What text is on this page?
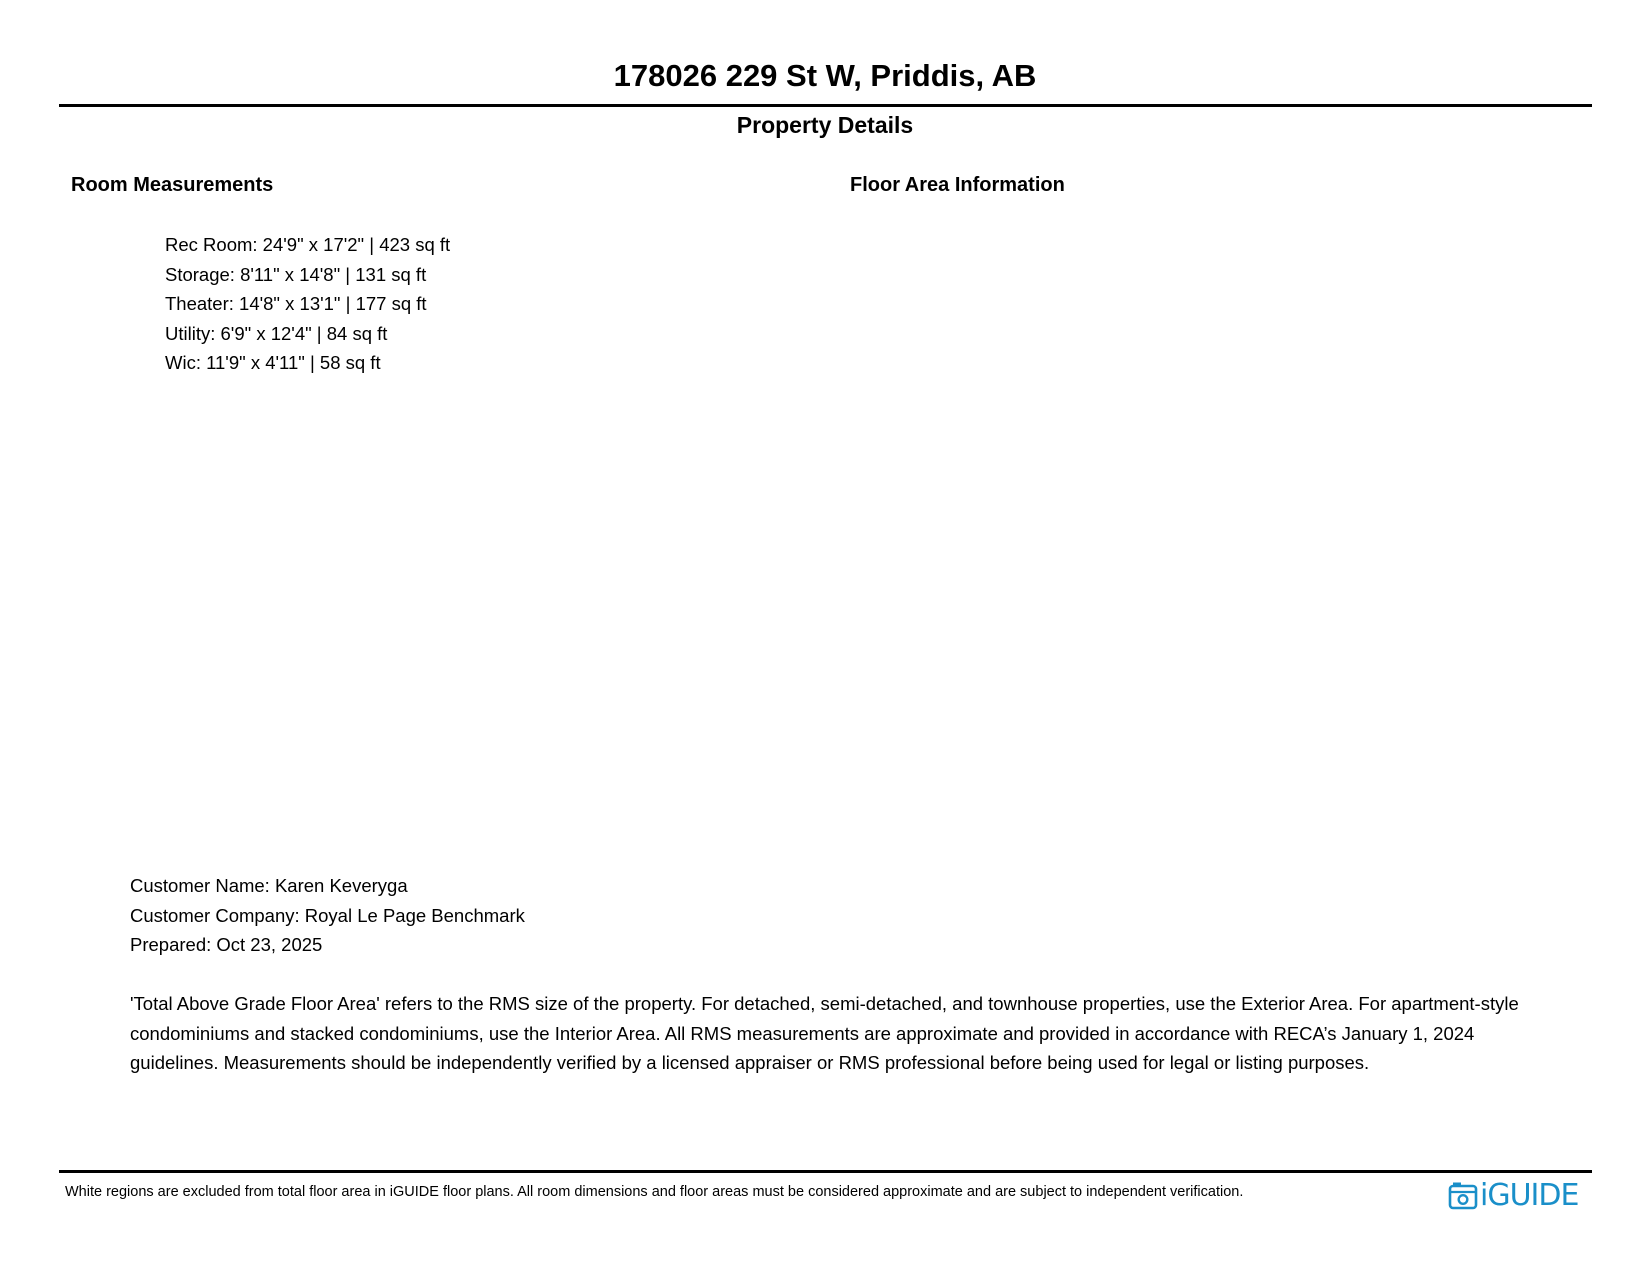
178026 229 St W, Priddis, AB
Property Details
Room Measurements	Floor Area Information
Rec Room: 24'9" x 17'2" | 423 sq ft
Storage: 8'11" x 14'8" | 131 sq ft
Theater: 14'8" x 13'1" | 177 sq ft
Utility: 6'9" x 12'4" | 84 sq ft
Wic: 11'9" x 4'11" | 58 sq ft
Customer Name: Karen Keveryga
Customer Company: Royal Le Page Benchmark
Prepared: Oct 23, 2025

'Total Above Grade Floor Area' refers to the RMS size of the property. For detached, semi-detached, and townhouse properties, use the Exterior Area. For apartment-style condominiums and stacked condominiums, use the Interior Area. All RMS measurements are approximate and provided in accordance with RECA’s January 1, 2024 guidelines. Measurements should be independently verified by a licensed appraiser or RMS professional before being used for legal or listing purposes.

White regions are excluded from total floor area in iGUIDE floor plans. All room dimensions and floor areas must be considered approximate and are subject to independent verification.	iGUIDE
